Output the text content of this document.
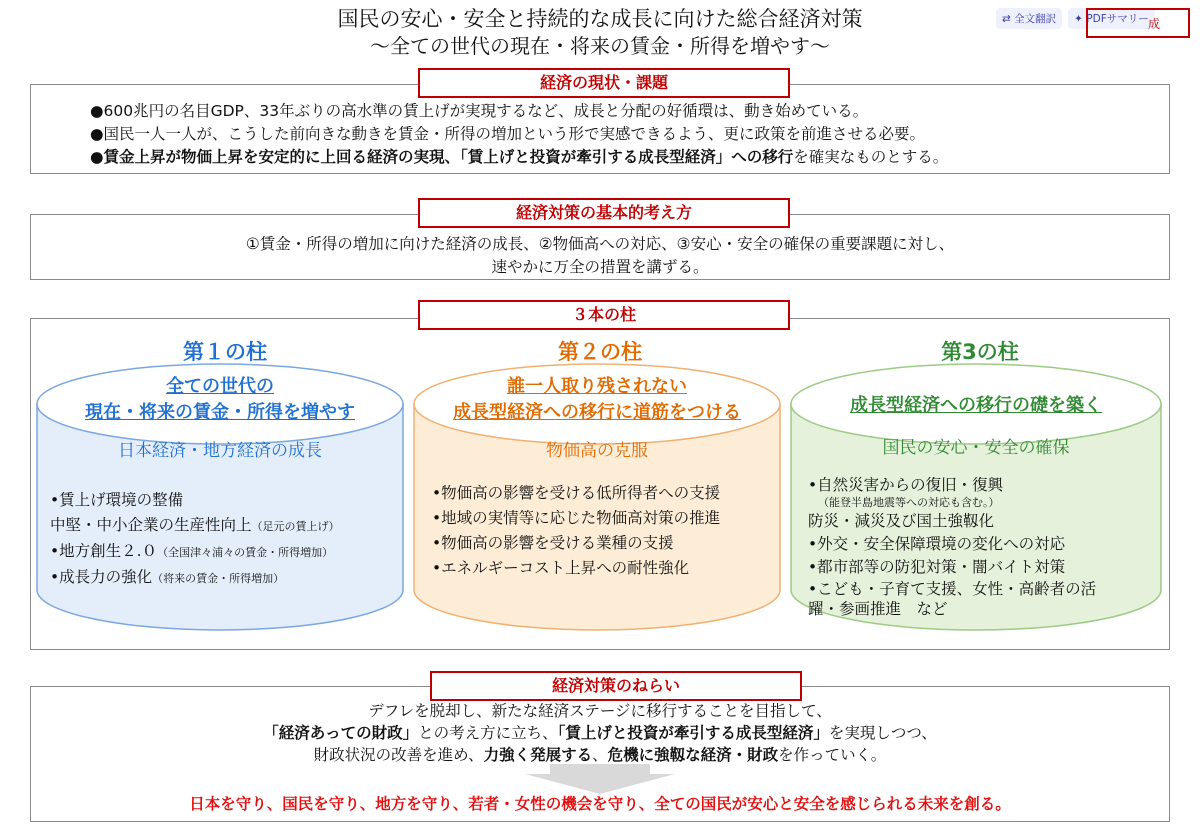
国民の安心・安全と持続的な成長に向けた総合経済対策
～全ての世代の現在・将来の賃金・所得を増やす～
⇄ 全文翻訳	✦ PDFサマリー 成
経済の現状・課題
●600兆円の名目GDP、33年ぶりの高水準の賃上げが実現するなど、成長と分配の好循環は、動き始めている。
●国民一人一人が、こうした前向きな動きを賃金・所得の増加という形で実感できるよう、更に政策を前進させる必要。
●賃金上昇が物価上昇を安定的に上回る経済の実現、「賃上げと投資が牽引する成長型経済」への移行を確実なものとする。
経済対策の基本的考え方
①賃金・所得の増加に向けた経済の成長、②物価高への対応、③安心・安全の確保の重要課題に対し、
速やかに万全の措置を講ずる。
３本の柱
第１の柱
全ての世代の
現在・将来の賃金・所得を増やす
日本経済・地方経済の成長
•賃上げ環境の整備
中堅・中小企業の生産性向上（足元の賃上げ）
•地方創生２.０（全国津々浦々の賃金・所得増加）
•成長力の強化（将来の賃金・所得増加）
第２の柱
誰一人取り残されない
成長型経済への移行に道筋をつける
物価高の克服
•物価高の影響を受ける低所得者への支援
•地域の実情等に応じた物価高対策の推進
•物価高の影響を受ける業種の支援
•エネルギーコスト上昇への耐性強化
第3の柱
成長型経済への移行の礎を築く
国民の安心・安全の確保
•自然災害からの復旧・復興
（能登半島地震等への対応も含む。）
防災・減災及び国土強靱化
•外交・安全保障環境の変化への対応
•都市部等の防犯対策・闇バイト対策
•こども・子育て支援、女性・高齢者の活
躍・参画推進　など
経済対策のねらい
デフレを脱却し、新たな経済ステージに移行することを目指して、
「経済あっての財政」との考え方に立ち、「賃上げと投資が牽引する成長型経済」を実現しつつ、
財政状況の改善を進め、力強く発展する、危機に強靱な経済・財政を作っていく。
日本を守り、国民を守り、地方を守り、若者・女性の機会を守り、全ての国民が安心と安全を感じられる未来を創る。
